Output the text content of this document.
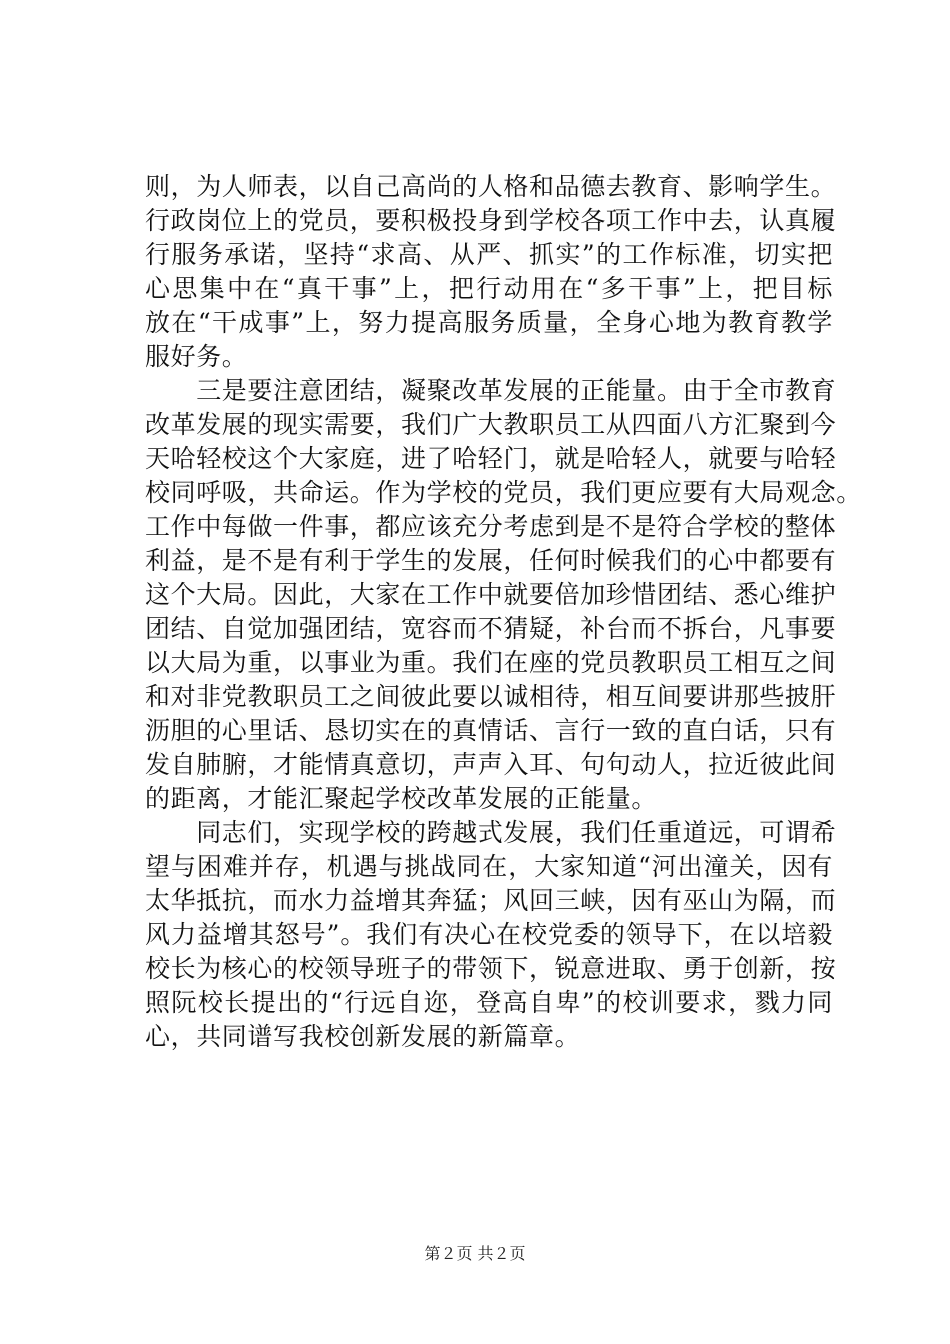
则，为人师表，以自己高尚的人格和品德去教育、影响学生。
行政岗位上的党员，要积极投身到学校各项工作中去，认真履
行服务承诺，坚持“求高、从严、抓实”的工作标准，切实把
心思集中在“真干事”上，把行动用在“多干事”上，把目标
放在“干成事”上，努力提高服务质量，全身心地为教育教学
服好务。
　　三是要注意团结，凝聚改革发展的正能量。由于全市教育
改革发展的现实需要，我们广大教职员工从四面八方汇聚到今
天哈轻校这个大家庭，进了哈轻门，就是哈轻人，就要与哈轻
校同呼吸，共命运。作为学校的党员，我们更应要有大局观念。
工作中每做一件事，都应该充分考虑到是不是符合学校的整体
利益，是不是有利于学生的发展，任何时候我们的心中都要有
这个大局。因此，大家在工作中就要倍加珍惜团结、悉心维护
团结、自觉加强团结，宽容而不猜疑，补台而不拆台，凡事要
以大局为重，以事业为重。我们在座的党员教职员工相互之间
和对非党教职员工之间彼此要以诚相待，相互间要讲那些披肝
沥胆的心里话、恳切实在的真情话、言行一致的直白话，只有
发自肺腑，才能情真意切，声声入耳、句句动人，拉近彼此间
的距离，才能汇聚起学校改革发展的正能量。
　　同志们，实现学校的跨越式发展，我们任重道远，可谓希
望与困难并存，机遇与挑战同在，大家知道“河出潼关，因有
太华抵抗，而水力益增其奔猛；风回三峡，因有巫山为隔，而
风力益增其怒号”。我们有决心在校党委的领导下，在以培毅
校长为核心的校领导班子的带领下，锐意进取、勇于创新，按
照阮校长提出的“行远自迩，登高自卑”的校训要求，戮力同
心，共同谱写我校创新发展的新篇章。
第２页 共２页
